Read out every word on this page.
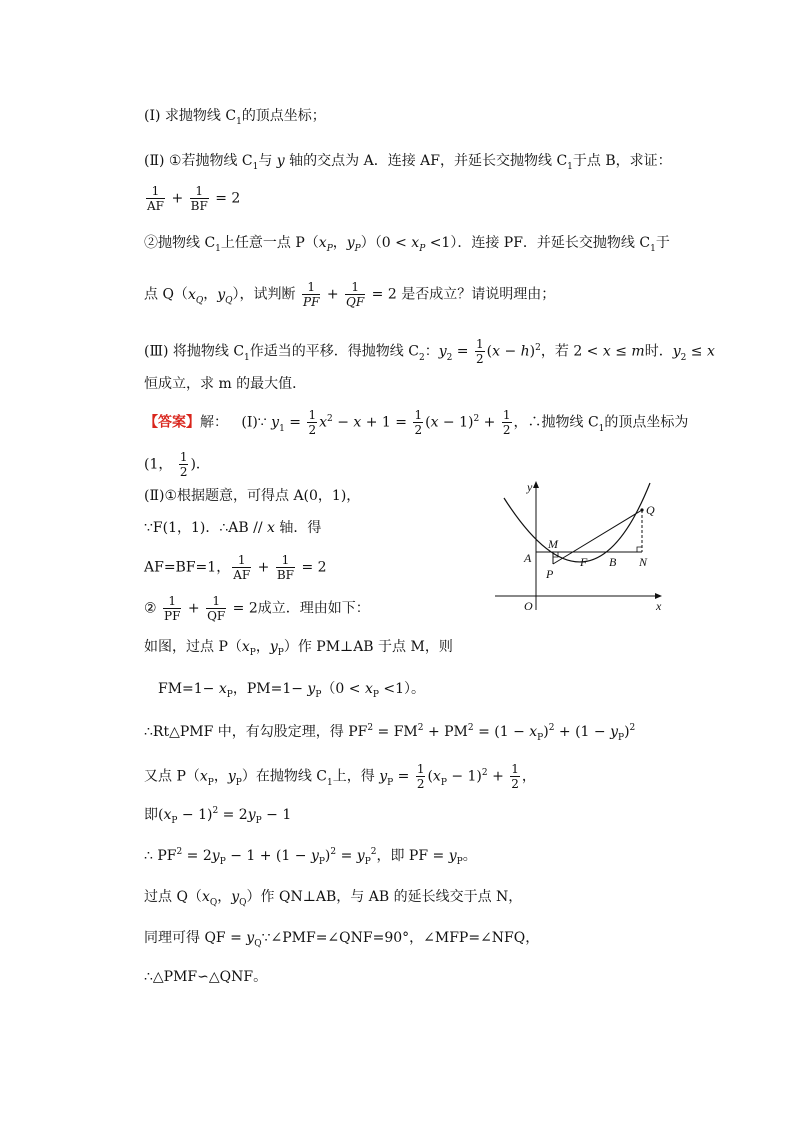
(Ⅰ) 求抛物线 $C_1$的顶点坐标；
(Ⅱ) ①若抛物线 $C_1$与 y 轴的交点为 A．连接 AF，并延长交抛物线 $C_1$于点 B，求证：
$\frac{1}{AF} + \frac{1}{BF} = 2$
②抛物线 $C_1$上任意一点 $P(x_P$，$y_P)(0 < x_P <1)$．连接 PF．并延长交抛物线 $C_1$于
点 $Q(x_Q$，$y_Q$），试判断 $\frac{1}{PF} + \frac{1}{QF} = 2$ 是否成立？请说明理由；
(Ⅲ) 将抛物线 $C_1$作适当的平移．得抛物线 $C_2$：$y_2 = \frac{1}{2} (x - h)^2$，若 2 < x ≤ m时．$y_2 \le x$
恒成立，求 m 的最大值．
【答案】解：   (Ⅰ)∵ $y_1 = \frac{1}{2} x^2 - x + 1 = \frac{1}{2} (x - 1)^2 + \frac{1}{2}$ ，∴抛物线 $C_1$的顶点坐标为
(1， $\frac{1}{2}$ )．
(Ⅱ)①根据题意，可得点 A(0，1)，
∵F(1，1)．∴AB // x 轴．得
AF=BF=1， $\frac{1}{AF} + \frac{1}{BF} = 2$
② $\frac{1}{PF} + \frac{1}{QF} = 2$成立．理由如下：
如图，过点 $P(x_P$，$y_P$）作 PM⊥AB 于点 M，则
$FM=1- x_P$，$PM=1- y_P(0 < x_P <1)$。
∴Rt△PMF 中，有勾股定理，得 $PF^2 = FM^2 + PM^2 = (1 - x_P)^2 + (1 - y_P)^2$
又点 $P(x_P$，$y_P$）在抛物线 $C_1$上，得 $y_P = \frac{1}{2} (x_P - 1)^2 + \frac{1}{2}$ ，
即$(x_P - 1)^2 = 2y_P - 1$
∴ $PF^2 = 2y_P - 1 + (1 - y_P)^2 = y_P^2$，即 PF = $y_P$。
过点 $Q(x_Q$，$y_Q$）作 QN⊥AB，与 AB 的延长线交于点 N，
同理可得 QF = $y_Q\because\angle PMF=\angle QNF=90^\circ$，∠MFP=∠NFQ，
∴△PMF∽△QNF。
y
x
O
A
M
P
F B N
Q
